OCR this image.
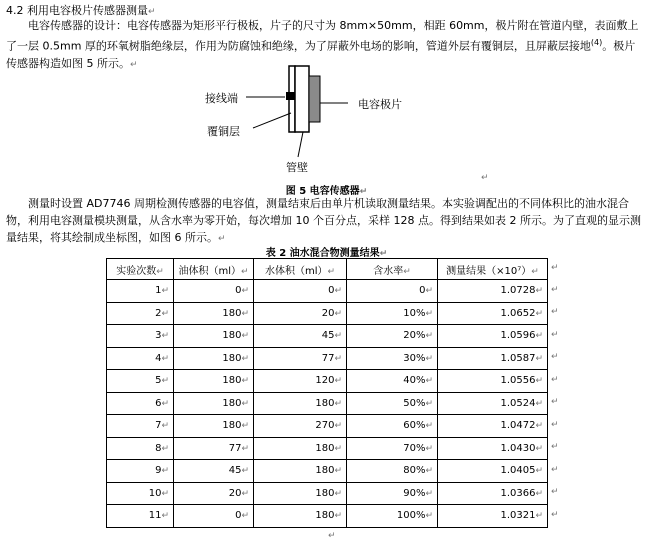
4.2 利用电容极片传感器测量↵
电容传感器的设计：电容传感器为矩形平行极板，片子的尺寸为 8mm×50mm，相距 60mm，极片附在管道内壁，表面敷上了一层 0.5mm 厚的环氧树脂绝缘层，作用为防腐蚀和绝缘，为了屏蔽外电场的影响，管道外层有覆铜层，且屏蔽层接地$^{(4)}$。极片传感器构造如图 5 所示。↵
接线端
覆铜层
电容极片
管壁
↵
图 5 电容传感器↵
测量时设置 AD7746 周期检测传感器的电容值，测量结束后由单片机读取测量结果。本实验调配出的不同体积比的油水混合物，利用电容测量模块测量，从含水率为零开始，每次增加 10 个百分点，采样 128 点。得到结果如表 2 所示。为了直观的显示测量结果，将其绘制成坐标图，如图 6 所示。↵
表 2 油水混合物测量结果↵
实验次数↵	油体积（ml）↵	水体积（ml）↵	含水率↵	测量结果（×10⁷）↵
1↵	0↵	0↵	0↵	1.0728↵
2↵	180↵	20↵	10%↵	1.0652↵
3↵	180↵	45↵	20%↵	1.0596↵
4↵	180↵	77↵	30%↵	1.0587↵
5↵	180↵	120↵	40%↵	1.0556↵
6↵	180↵	180↵	50%↵	1.0524↵
7↵	180↵	270↵	60%↵	1.0472↵
8↵	77↵	180↵	70%↵	1.0430↵
9↵	45↵	180↵	80%↵	1.0405↵
10↵	20↵	180↵	90%↵	1.0366↵
11↵	0↵	180↵	100%↵	1.0321↵
↵
↵
↵
↵
↵
↵
↵
↵
↵
↵
↵
↵
↵
